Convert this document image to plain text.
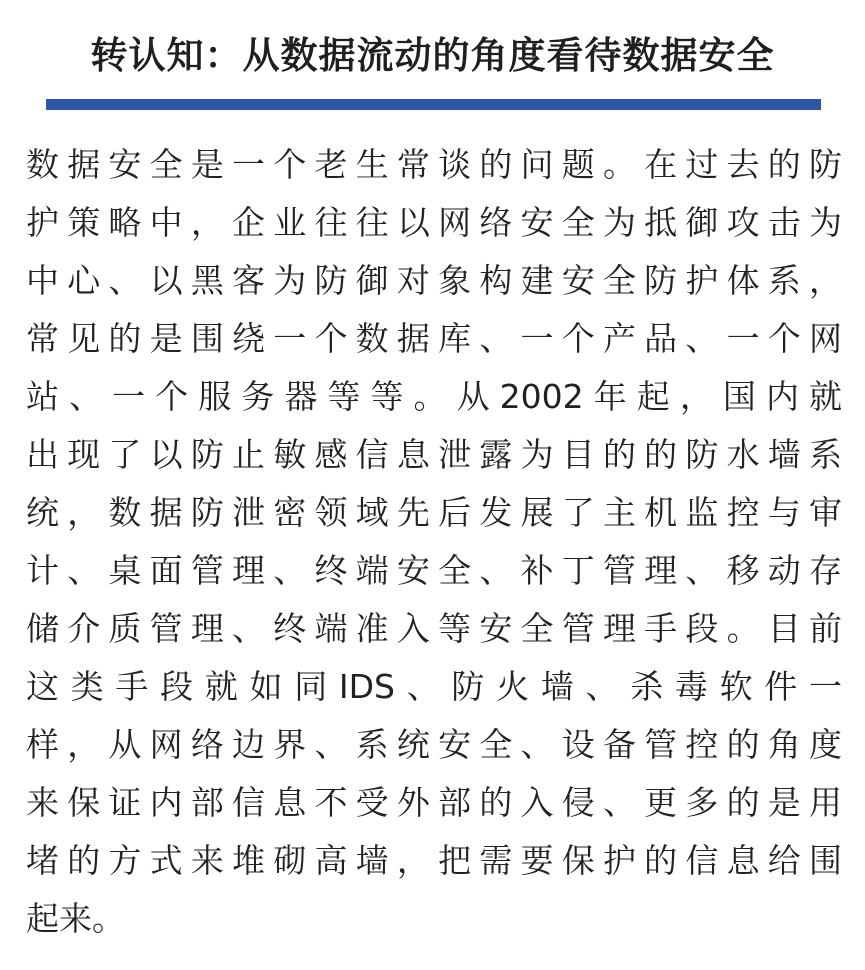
转认知：从数据流动的角度看待数据安全
数据安全是一个老生常谈的问题。在过去的防
护策略中，企业往往以网络安全为抵御攻击为
中心、以黑客为防御对象构建安全防护体系，
常见的是围绕一个数据库、一个产品、一个网
站、一个服务器等等。从2002年起，国内就
出现了以防止敏感信息泄露为目的的防水墙系
统，数据防泄密领域先后发展了主机监控与审
计、桌面管理、终端安全、补丁管理、移动存
储介质管理、终端准入等安全管理手段。目前
这类手段就如同IDS、防火墙、杀毒软件一
样，从网络边界、系统安全、设备管控的角度
来保证内部信息不受外部的入侵、更多的是用
堵的方式来堆砌高墙，把需要保护的信息给围
起来。
